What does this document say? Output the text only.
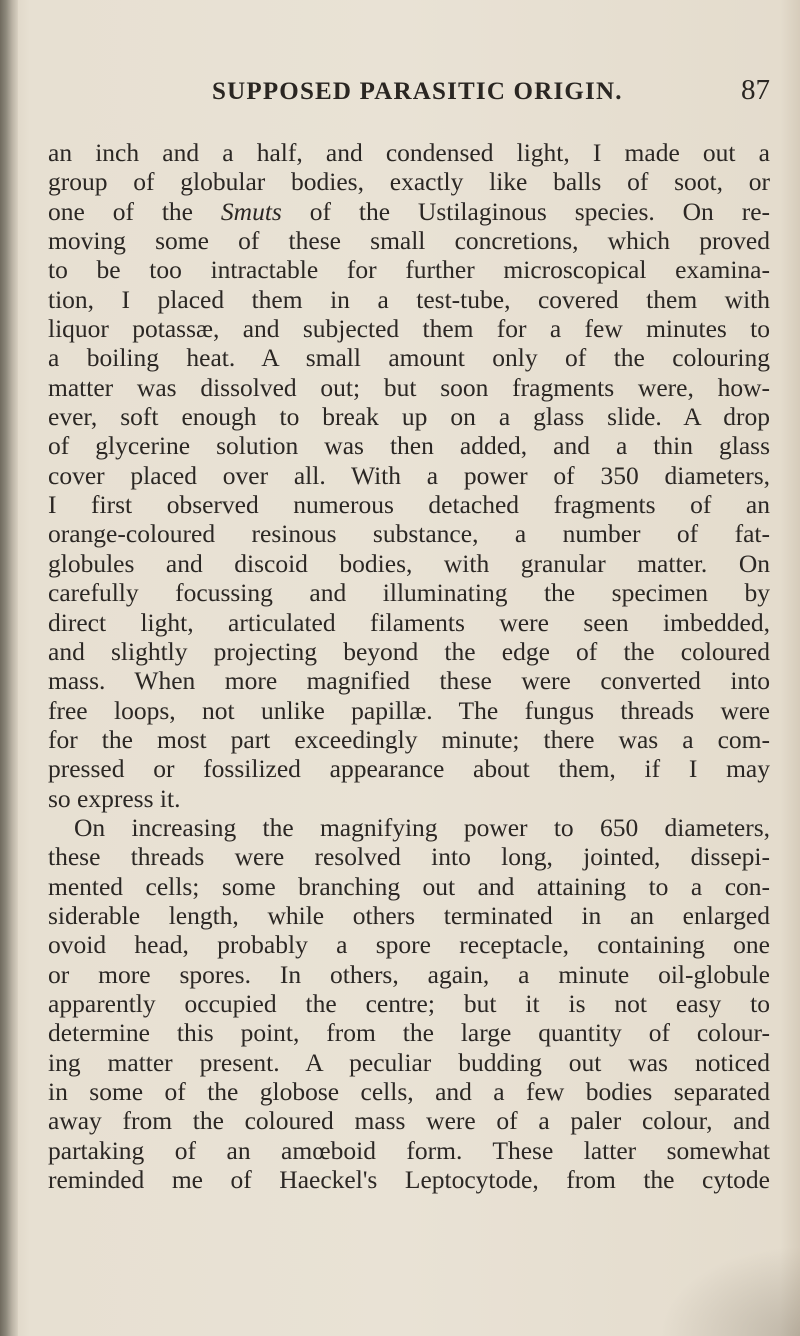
SUPPOSED PARASITIC ORIGIN.	87
an inch and a half, and condensed light, I made out a
group of globular bodies, exactly like balls of soot, or
one of the Smuts of the Ustilaginous species. On re-
moving some of these small concretions, which proved
to be too intractable for further microscopical examina-
tion, I placed them in a test-tube, covered them with
liquor potassæ, and subjected them for a few minutes to
a boiling heat. A small amount only of the colouring
matter was dissolved out; but soon fragments were, how-
ever, soft enough to break up on a glass slide. A drop
of glycerine solution was then added, and a thin glass
cover placed over all. With a power of 350 diameters,
I first observed numerous detached fragments of an
orange-coloured resinous substance, a number of fat-
globules and discoid bodies, with granular matter. On
carefully focussing and illuminating the specimen by
direct light, articulated filaments were seen imbedded,
and slightly projecting beyond the edge of the coloured
mass. When more magnified these were converted into
free loops, not unlike papillæ. The fungus threads were
for the most part exceedingly minute; there was a com-
pressed or fossilized appearance about them, if I may
so express it.
On increasing the magnifying power to 650 diameters,
these threads were resolved into long, jointed, dissepi-
mented cells; some branching out and attaining to a con-
siderable length, while others terminated in an enlarged
ovoid head, probably a spore receptacle, containing one
or more spores. In others, again, a minute oil-globule
apparently occupied the centre; but it is not easy to
determine this point, from the large quantity of colour-
ing matter present. A peculiar budding out was noticed
in some of the globose cells, and a few bodies separated
away from the coloured mass were of a paler colour, and
partaking of an amœboid form. These latter somewhat
reminded me of Haeckel's Leptocytode, from the cytode
